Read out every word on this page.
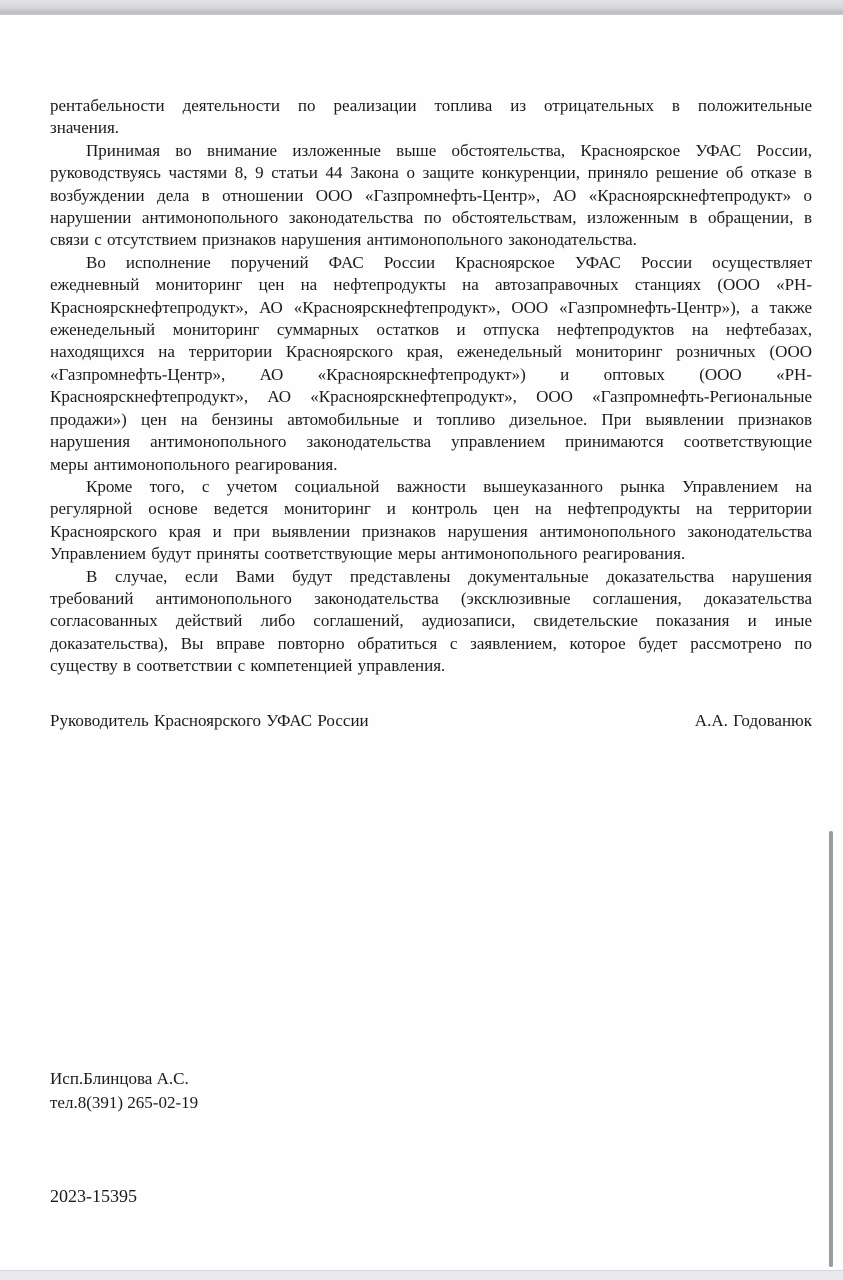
рентабельности деятельности по реализации топлива из отрицательных в положительные
значения.
Принимая во внимание изложенные выше обстоятельства, Красноярское УФАС России,
руководствуясь частями 8, 9 статьи 44 Закона о защите конкуренции, приняло решение об отказе в
возбуждении дела в отношении ООО «Газпромнефть-Центр», АО «Красноярскнефтепродукт» о
нарушении антимонопольного законодательства по обстоятельствам, изложенным в обращении, в
связи с отсутствием признаков нарушения антимонопольного законодательства.
Во исполнение поручений ФАС России Красноярское УФАС России осуществляет
ежедневный мониторинг цен на нефтепродукты на автозаправочных станциях (ООО «РН-
Красноярскнефтепродукт», АО «Красноярскнефтепродукт», ООО «Газпромнефть-Центр»), а также
еженедельный мониторинг суммарных остатков и отпуска нефтепродуктов на нефтебазах,
находящихся на территории Красноярского края, еженедельный мониторинг розничных (ООО
«Газпромнефть-Центр», АО «Красноярскнефтепродукт») и оптовых (ООО «РН-
Красноярскнефтепродукт», АО «Красноярскнефтепродукт», ООО «Газпромнефть-Региональные
продажи») цен на бензины автомобильные и топливо дизельное. При выявлении признаков
нарушения антимонопольного законодательства управлением принимаются соответствующие
меры антимонопольного реагирования.
Кроме того, с учетом социальной важности вышеуказанного рынка Управлением на
регулярной основе ведется мониторинг и контроль цен на нефтепродукты на территории
Красноярского края и при выявлении признаков нарушения антимонопольного законодательства
Управлением будут приняты соответствующие меры антимонопольного реагирования.
В случае, если Вами будут представлены документальные доказательства нарушения
требований антимонопольного законодательства (эксклюзивные соглашения, доказательства
согласованных действий либо соглашений, аудиозаписи, свидетельские показания и иные
доказательства), Вы вправе повторно обратиться с заявлением, которое будет рассмотрено по
существу в соответствии с компетенцией управления.
Руководитель Красноярского УФАС России	А.А. Годованюк
Исп.Блинцова А.С.
тел.8(391) 265-02-19
2023-15395
